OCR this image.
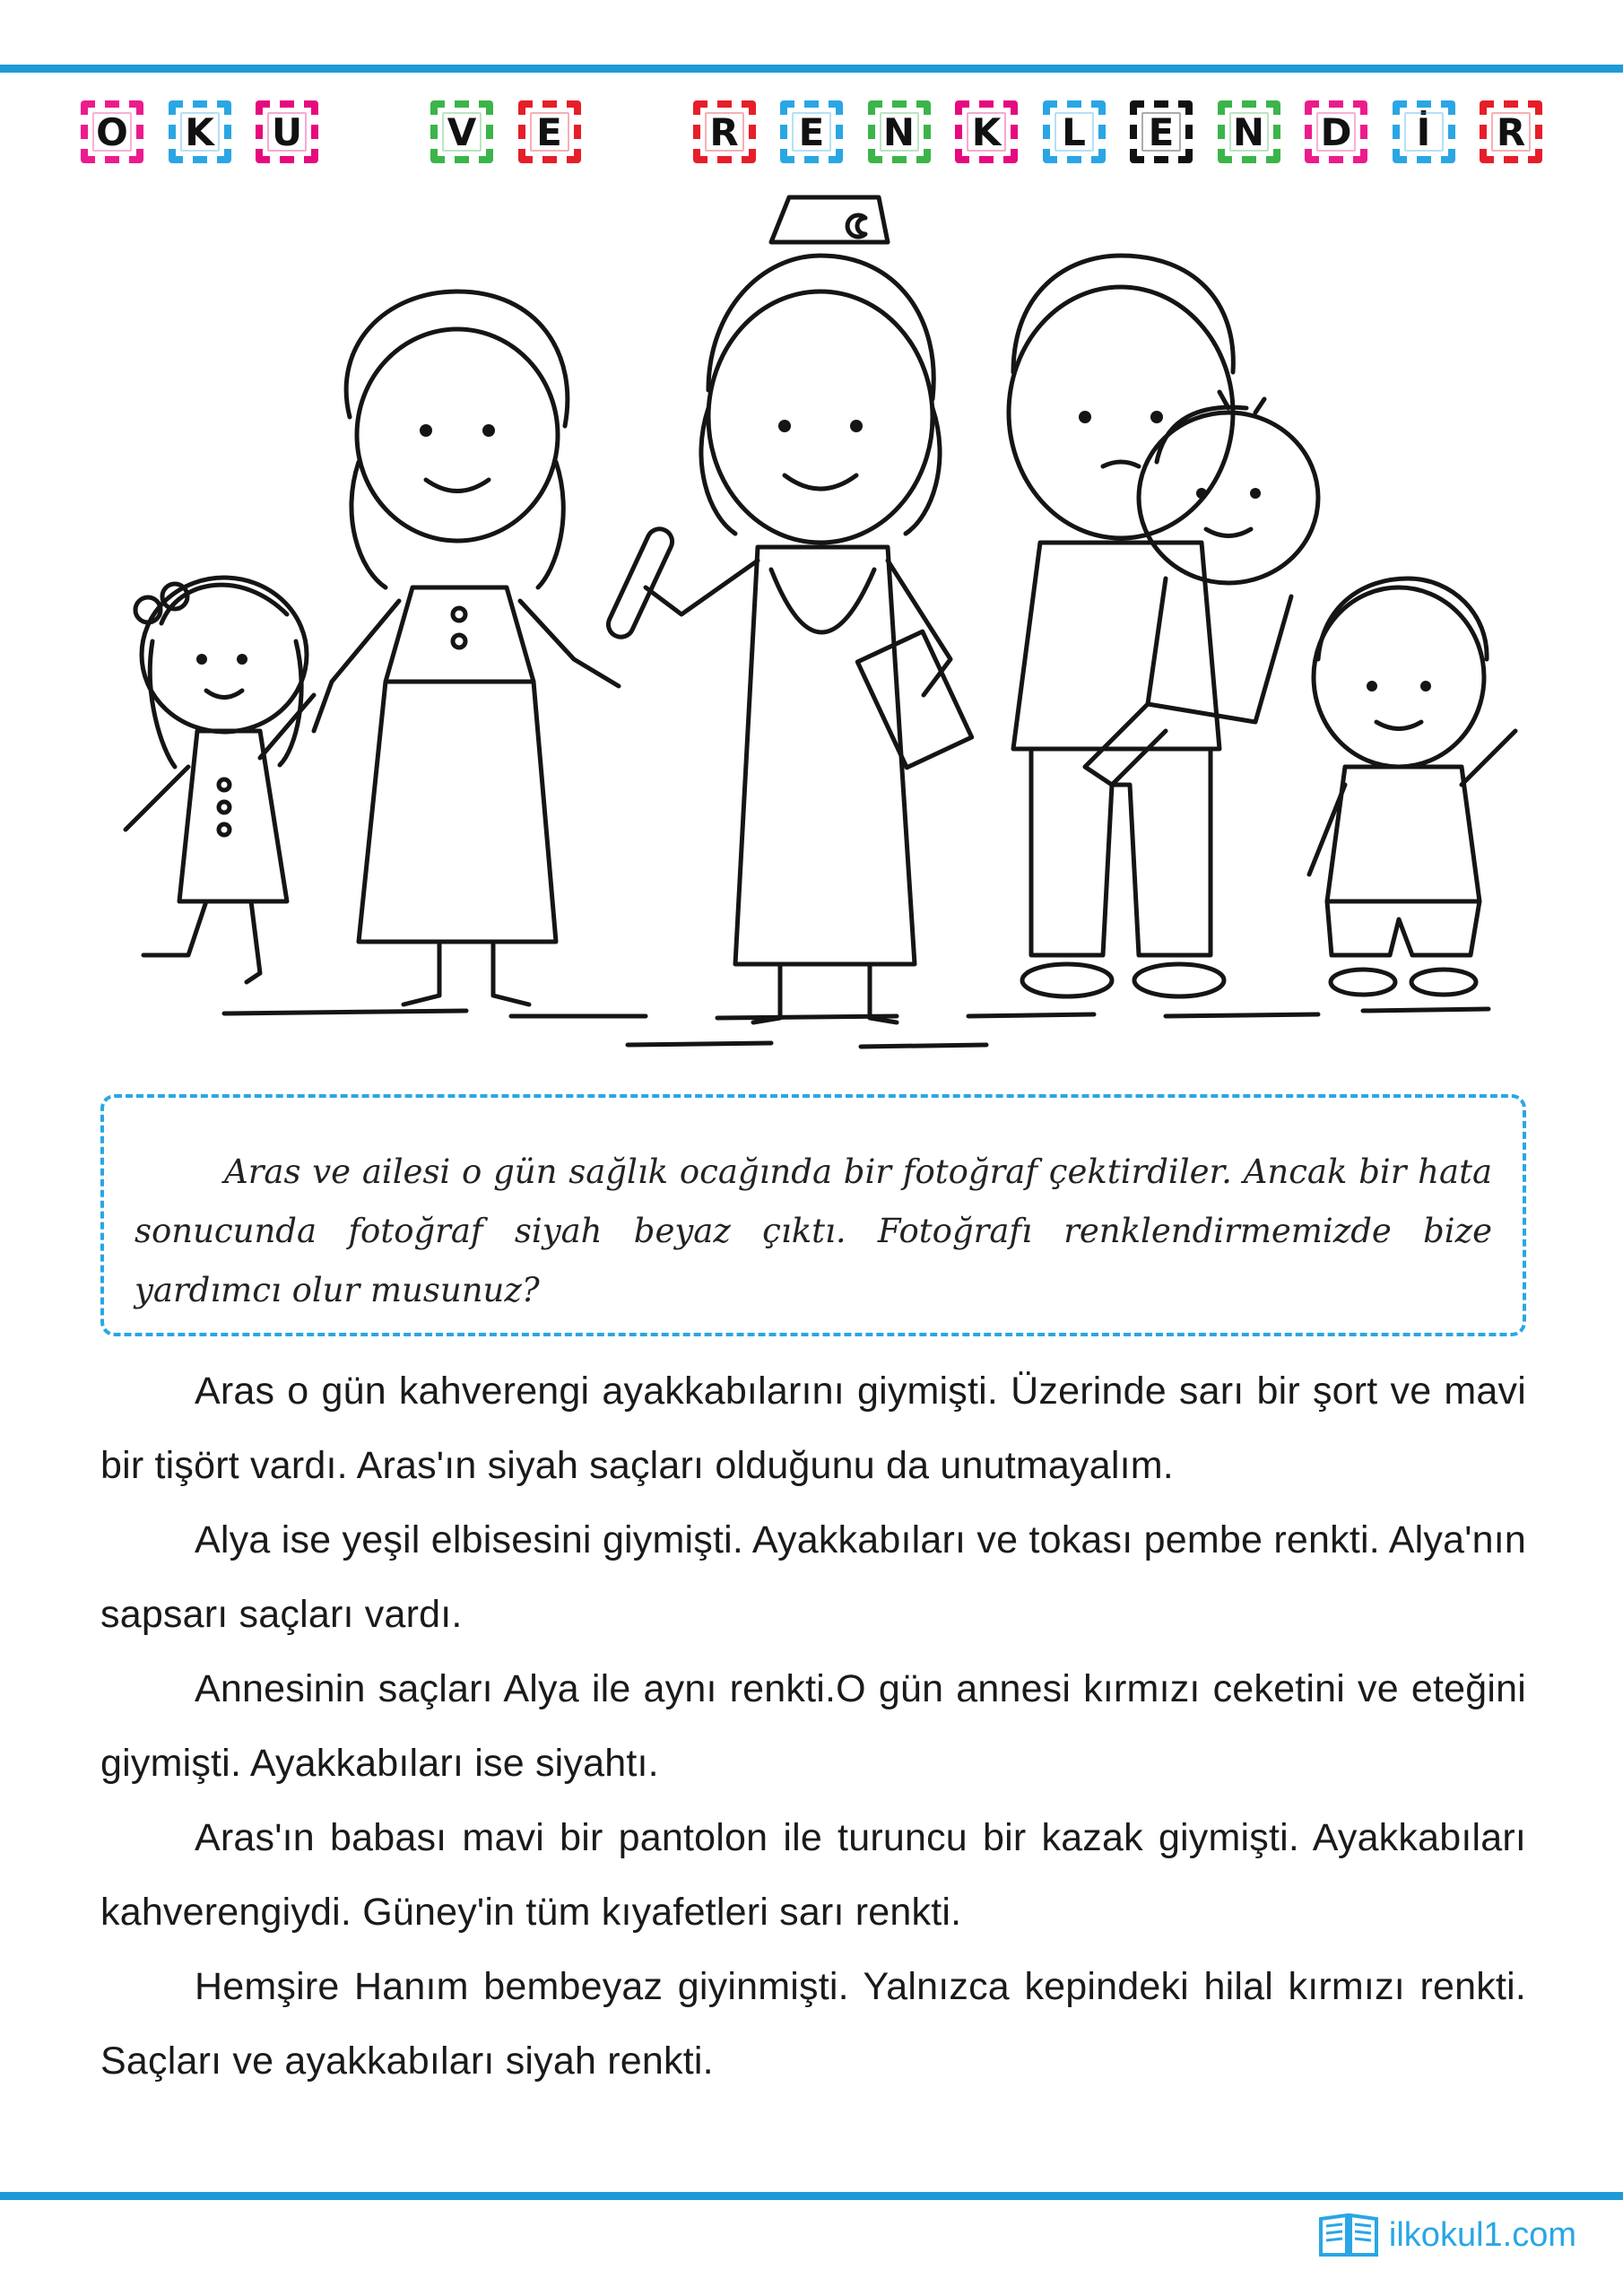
O K U	V E	R E N K L E N D İ R

Aras ve ailesi o gün sağlık ocağında bir fotoğraf çektirdiler. Ancak bir hata sonucunda fotoğraf siyah beyaz çıktı. Fotoğrafı renklendirmemizde bize yardımcı olur musunuz?

Aras o gün kahverengi ayakkabılarını giymişti. Üzerinde sarı bir şort ve mavi bir tişört vardı. Aras'ın siyah saçları olduğunu da unutmayalım.

Alya ise yeşil elbisesini giymişti. Ayakkabıları ve tokası pembe renkti. Alya'nın sapsarı saçları vardı.

Annesinin saçları Alya ile aynı renkti.O gün annesi kırmızı ceketini ve eteğini giymişti. Ayakkabıları ise siyahtı.

Aras'ın babası mavi bir pantolon ile turuncu bir kazak giymişti. Ayakkabıları kahverengiydi. Güney'in tüm kıyafetleri sarı renkti.

Hemşire Hanım bembeyaz giyinmişti. Yalnızca kepindeki hilal kırmızı renkti. Saçları ve ayakkabıları siyah renkti.

ilkokul1.com
